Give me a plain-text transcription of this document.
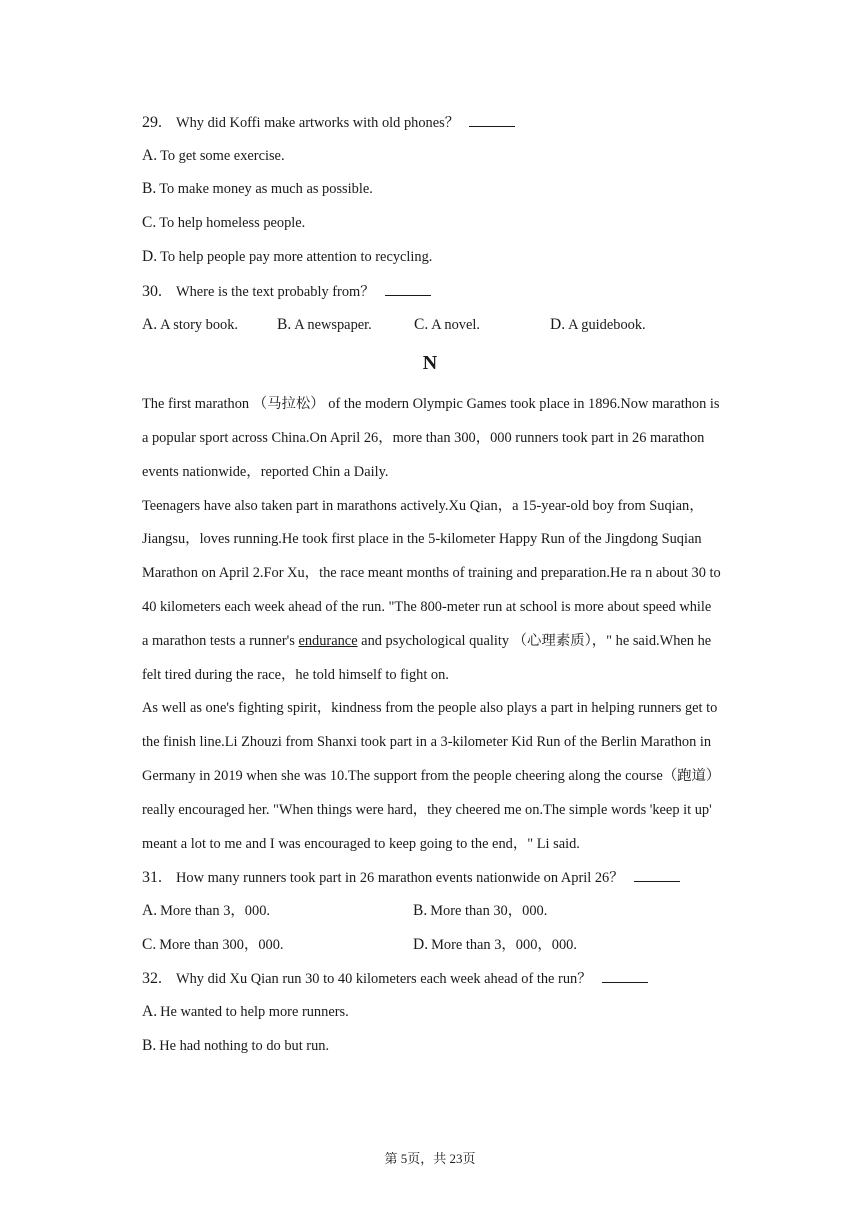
29. Why did Koffi make artworks with old phones？
A. To get some exercise.
B. To make money as much as possible.
C. To help homeless people.
D. To help people pay more attention to recycling.
30. Where is the text probably from？
A. A story book.	B. A newspaper.	C. A novel.	D. A guidebook.
N
The first marathon （马拉松） of the modern Olympic Games took place in 1896.Now marathon is
a popular sport across China.On April 26，more than 300，000 runners took part in 26 marathon
events nationwide，reported Chin a Daily.
Teenagers have also taken part in marathons actively.Xu Qian，a 15-year-old boy from Suqian，
Jiangsu，loves running.He took first place in the 5-kilometer Happy Run of the Jingdong Suqian
Marathon on April 2.For Xu，the race meant months of training and preparation.He ra n about 30 to
40 kilometers each week ahead of the run. "The 800-meter run at school is more about speed while
a marathon tests a runner's endurance and psychological quality （心理素质），" he said.When he
felt tired during the race，he told himself to fight on.
As well as one's fighting spirit，kindness from the people also plays a part in helping runners get to
the finish line.Li Zhouzi from Shanxi took part in a 3-kilometer Kid Run of the Berlin Marathon in
Germany in 2019 when she was 10.The support from the people cheering along the course（跑道）
really encouraged her. "When things were hard，they cheered me on.The simple words 'keep it up'
meant a lot to me and I was encouraged to keep going to the end，" Li said.
31. How many runners took part in 26 marathon events nationwide on April 26？
A. More than 3，000.	B. More than 30，000.
C. More than 300，000.	D. More than 3，000，000.
32. Why did Xu Qian run 30 to 40 kilometers each week ahead of the run？
A. He wanted to help more runners.
B. He had nothing to do but run.
第 5页，共 23页
